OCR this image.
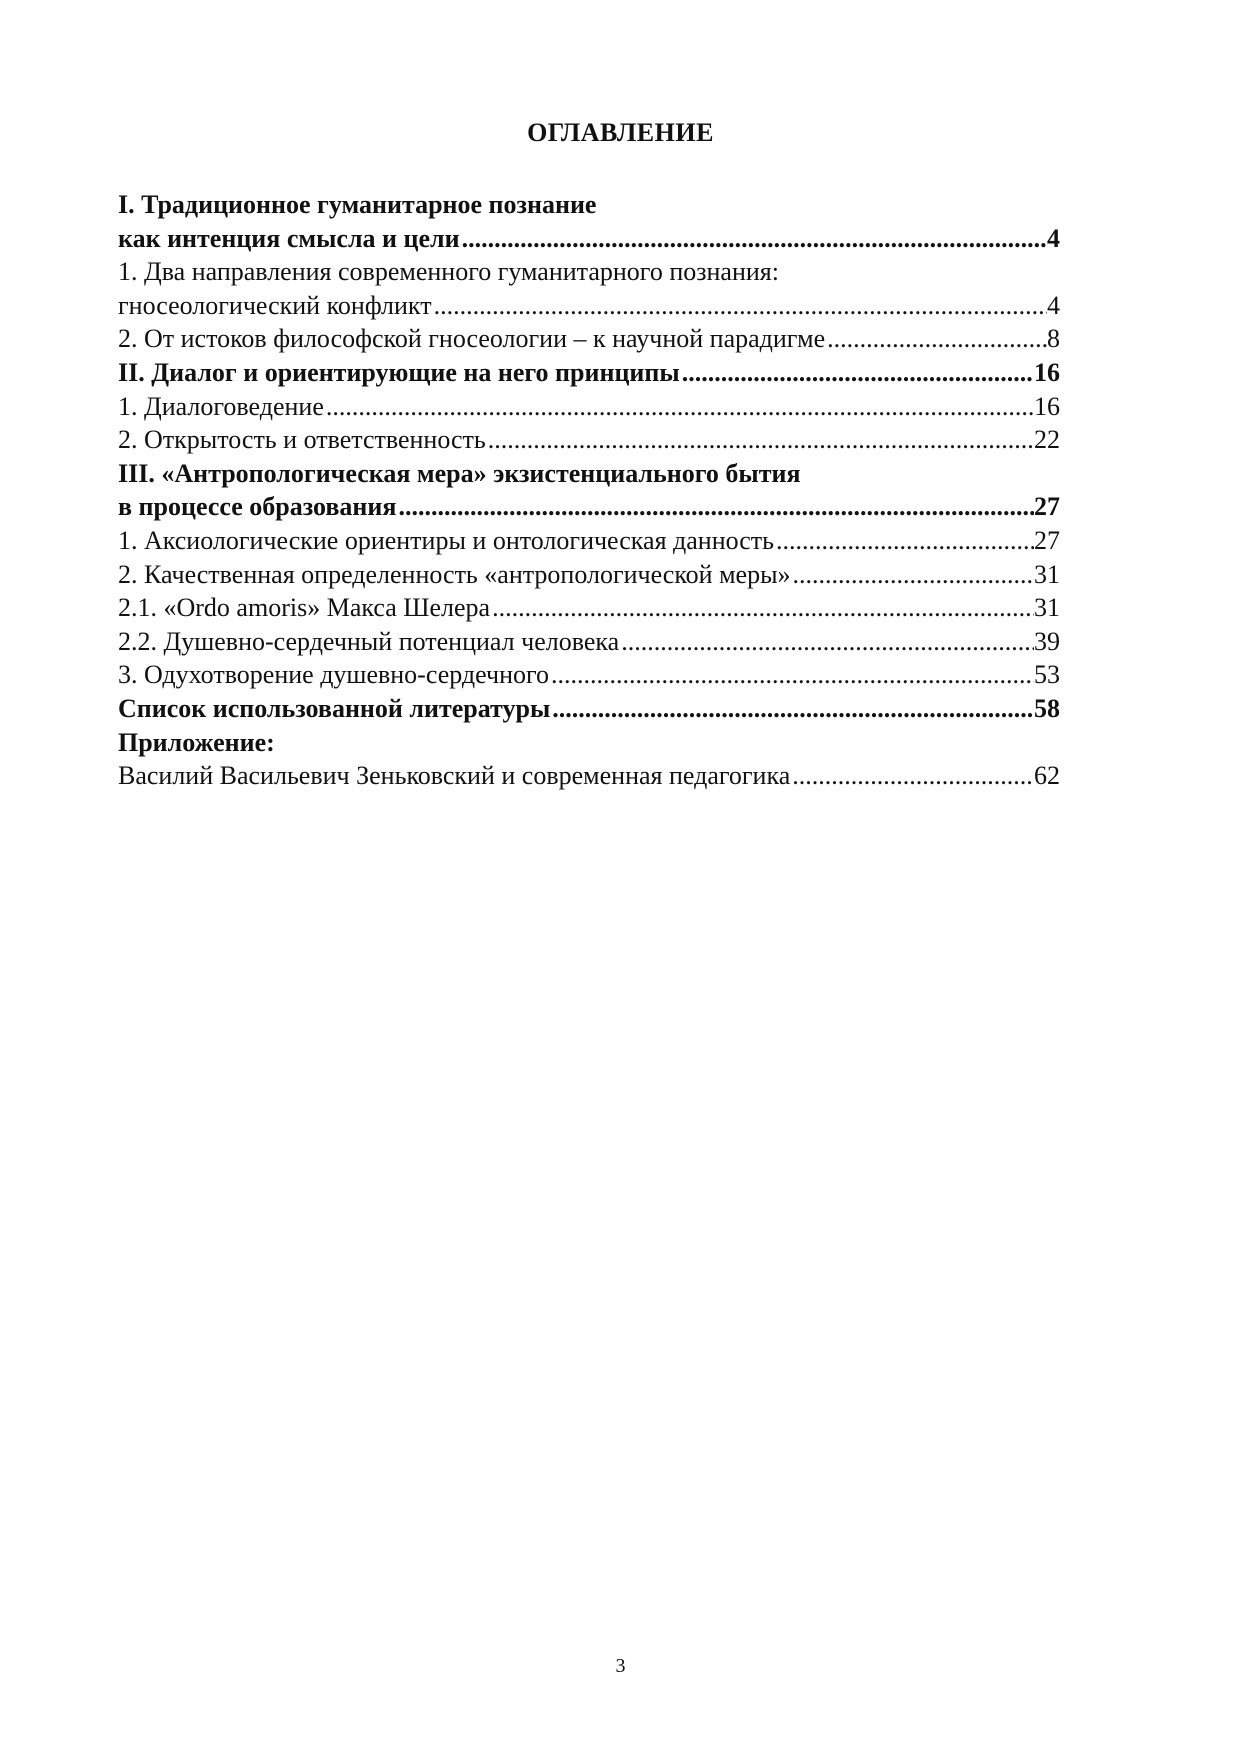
ОГЛАВЛЕНИЕ
I. Традиционное гуманитарное познание
как интенция смысла и цели .....	4
1. Два направления современного гуманитарного познания:
гносеологический конфликт .....	4
2. От истоков философской гносеологии – к научной парадигме .....	8
II. Диалог и ориентирующие на него принципы .....	16
1. Диалоговедение .....	16
2. Открытость и ответственность .....	22
III. «Антропологическая мера» экзистенциального бытия
в процессе образования .....	27
1. Аксиологические ориентиры и онтологическая данность .....	27
2. Качественная определенность «антропологической меры» .....	31
2.1. «Ordo amoris» Макса Шелера .....	31
2.2. Душевно-сердечный потенциал человека .....	39
3. Одухотворение душевно-сердечного .....	53
Список использованной литературы .....	58
Приложение:
Василий Васильевич Зеньковский и современная педагогика .....	62
3
